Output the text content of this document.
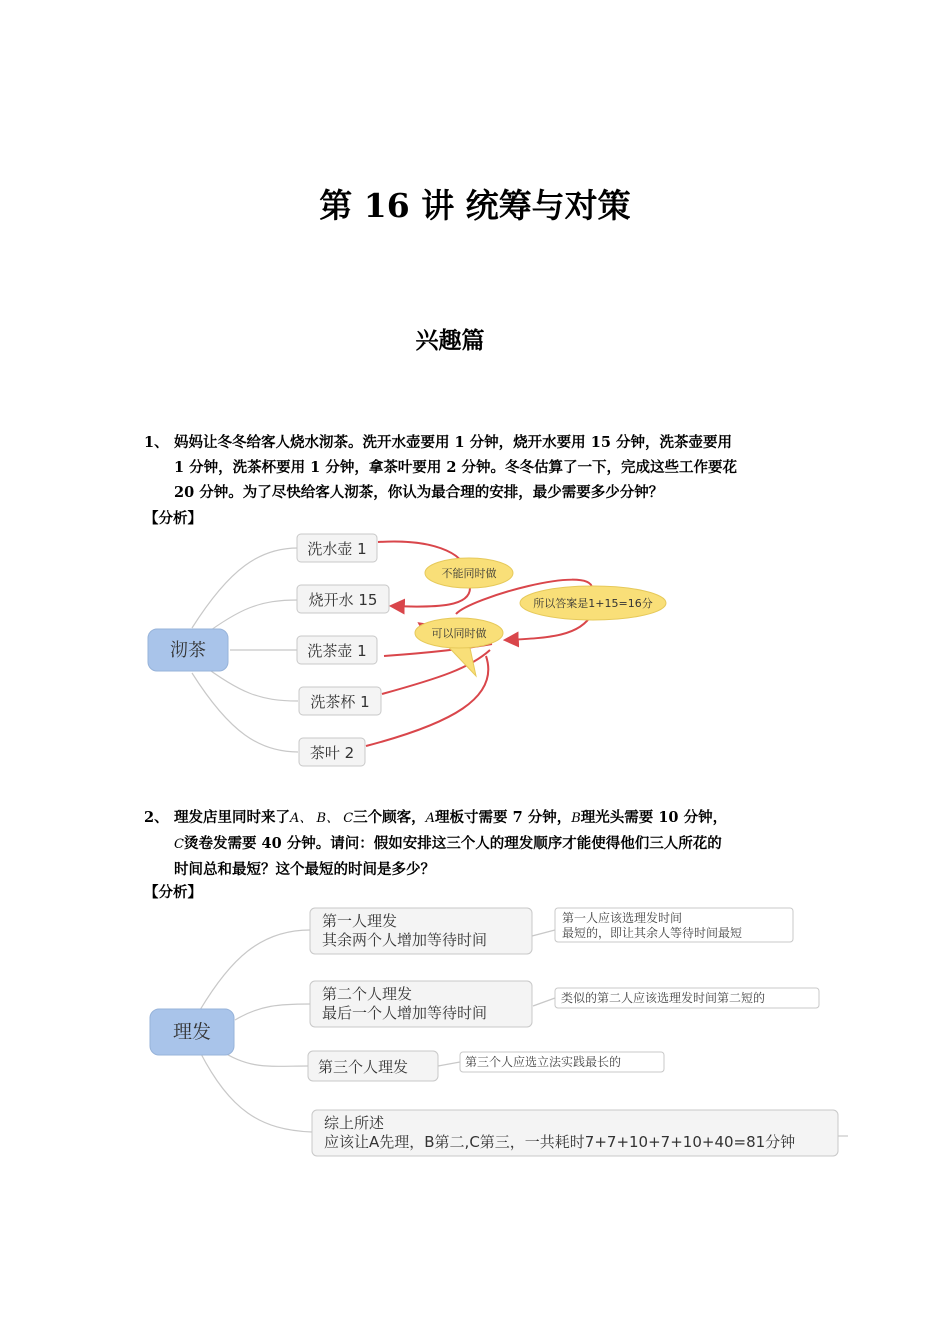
第 16 讲 统筹与对策
兴趣篇
1、 妈妈让冬冬给客人烧水沏茶。洗开水壶要用 1 分钟，烧开水要用 15 分钟，洗茶壶要用
1 分钟，洗茶杯要用 1 分钟，拿茶叶要用 2 分钟。冬冬估算了一下，完成这些工作要花
20 分钟。为了尽快给客人沏茶，你认为最合理的安排，最少需要多少分钟？
【分析】
沏茶
洗水壶 1
烧开水 15
洗茶壶 1
洗茶杯 1
茶叶 2
不能同时做
可以同时做
所以答案是1+15=16分
2、 理发店里同时来了A、 B、 C三个顾客，A理板寸需要 7 分钟，B理光头需要 10 分钟，
C烫卷发需要 40 分钟。请问：假如安排这三个人的理发顺序才能使得他们三人所花的
时间总和最短？这个最短的时间是多少？
【分析】
理发
第一人理发
其余两个人增加等待时间
第二个人理发
最后一个人增加等待时间
第三个人理发
综上所述
应该让A先理，B第二,C第三，一共耗时7+7+10+7+10+40=81分钟
第一人应该选理发时间
最短的，即让其余人等待时间最短
类似的第二人应该选理发时间第二短的
第三个人应选立法实践最长的
